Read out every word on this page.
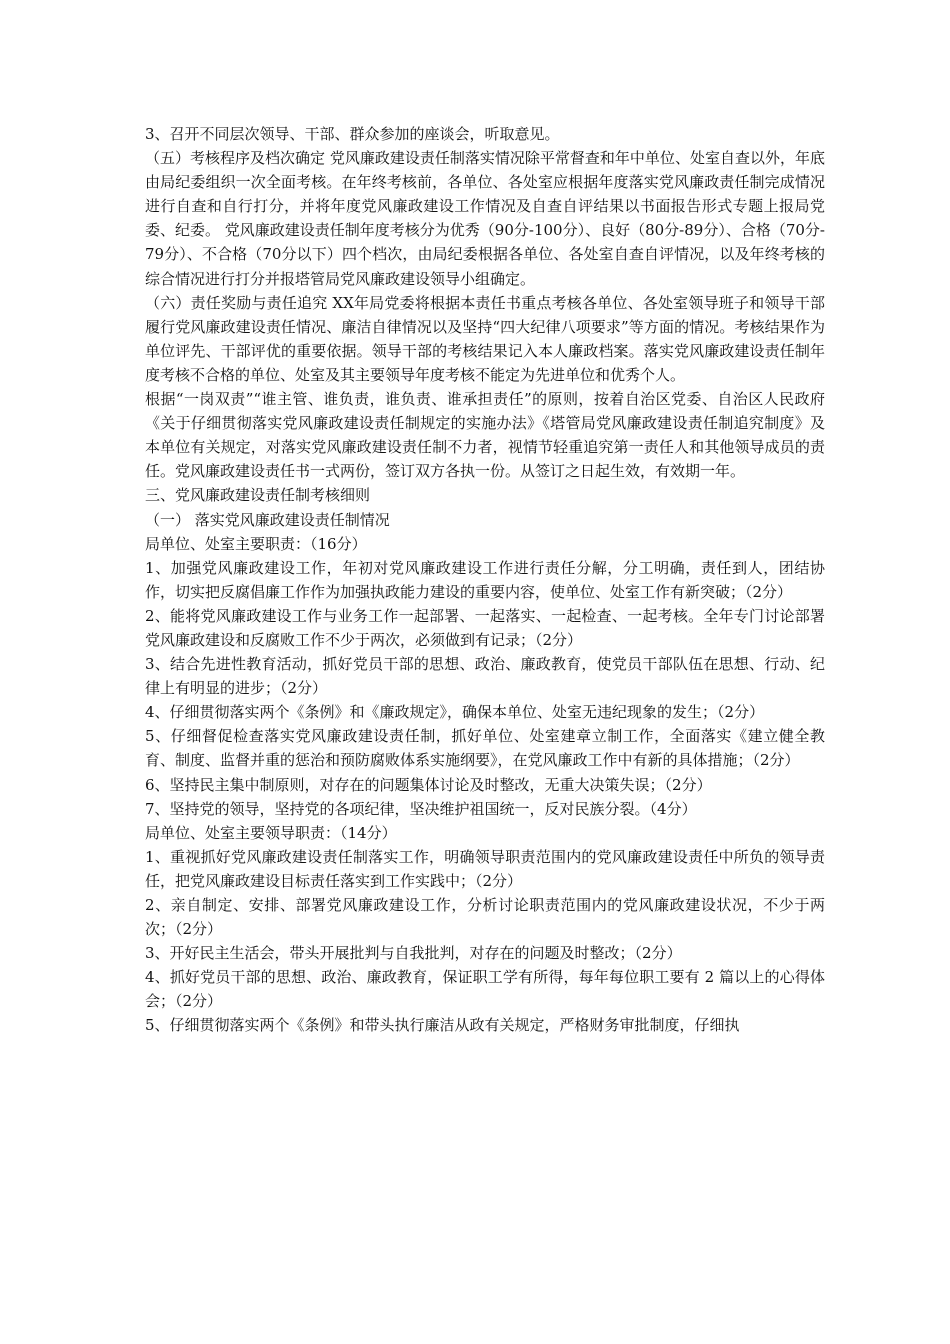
3、召开不同层次领导、干部、群众参加的座谈会，听取意见。

（五）考核程序及档次确定 党风廉政建设责任制落实情况除平常督查和年中单位、处室自查以外，年底由局纪委组织一次全面考核。在年终考核前，各单位、各处室应根据年度落实党风廉政责任制完成情况进行自查和自行打分，并将年度党风廉政建设工作情况及自查自评结果以书面报告形式专题上报局党委、纪委。 党风廉政建设责任制年度考核分为优秀（90分-100分）、良好（80分-89分）、合格（70分-79分）、不合格（70分以下）四个档次，由局纪委根据各单位、各处室自查自评情况，以及年终考核的综合情况进行打分并报塔管局党风廉政建设领导小组确定。

（六）责任奖励与责任追究 XX年局党委将根据本责任书重点考核各单位、各处室领导班子和领导干部履行党风廉政建设责任情况、廉洁自律情况以及坚持“四大纪律八项要求”等方面的情况。考核结果作为单位评先、干部评优的重要依据。领导干部的考核结果记入本人廉政档案。落实党风廉政建设责任制年度考核不合格的单位、处室及其主要领导年度考核不能定为先进单位和优秀个人。

根据“一岗双责”“谁主管、谁负责，谁负责、谁承担责任”的原则，按着自治区党委、自治区人民政府《关于仔细贯彻落实党风廉政建设责任制规定的实施办法》《塔管局党风廉政建设责任制追究制度》及本单位有关规定，对落实党风廉政建设责任制不力者，视情节轻重追究第一责任人和其他领导成员的责任。党风廉政建设责任书一式两份，签订双方各执一份。从签订之日起生效，有效期一年。

三、党风廉政建设责任制考核细则

（一） 落实党风廉政建设责任制情况

局单位、处室主要职责：（16分）

1、加强党风廉政建设工作，年初对党风廉政建设工作进行责任分解，分工明确，责任到人，团结协作，切实把反腐倡廉工作作为加强执政能力建设的重要内容，使单位、处室工作有新突破；（2分）

2、能将党风廉政建设工作与业务工作一起部署、一起落实、一起检查、一起考核。全年专门讨论部署党风廉政建设和反腐败工作不少于两次，必须做到有记录；（2分）

3、结合先进性教育活动，抓好党员干部的思想、政治、廉政教育，使党员干部队伍在思想、行动、纪律上有明显的进步；（2分）

4、仔细贯彻落实两个《条例》和《廉政规定》，确保本单位、处室无违纪现象的发生；（2分）

5、仔细督促检查落实党风廉政建设责任制，抓好单位、处室建章立制工作，全面落实《建立健全教育、制度、监督并重的惩治和预防腐败体系实施纲要》，在党风廉政工作中有新的具体措施；（2分）

6、坚持民主集中制原则，对存在的问题集体讨论及时整改，无重大决策失误；（2分）

7、坚持党的领导，坚持党的各项纪律，坚决维护祖国统一，反对民族分裂。（4分）

局单位、处室主要领导职责：（14分）

1、重视抓好党风廉政建设责任制落实工作，明确领导职责范围内的党风廉政建设责任中所负的领导责任，把党风廉政建设目标责任落实到工作实践中；（2分）

2、亲自制定、安排、部署党风廉政建设工作，分析讨论职责范围内的党风廉政建设状况，不少于两次；（2分）

3、开好民主生活会，带头开展批判与自我批判，对存在的问题及时整改；（2分）

4、抓好党员干部的思想、政治、廉政教育，保证职工学有所得，每年每位职工要有 2 篇以上的心得体会；（2分）

5、仔细贯彻落实两个《条例》和带头执行廉洁从政有关规定，严格财务审批制度，仔细执
